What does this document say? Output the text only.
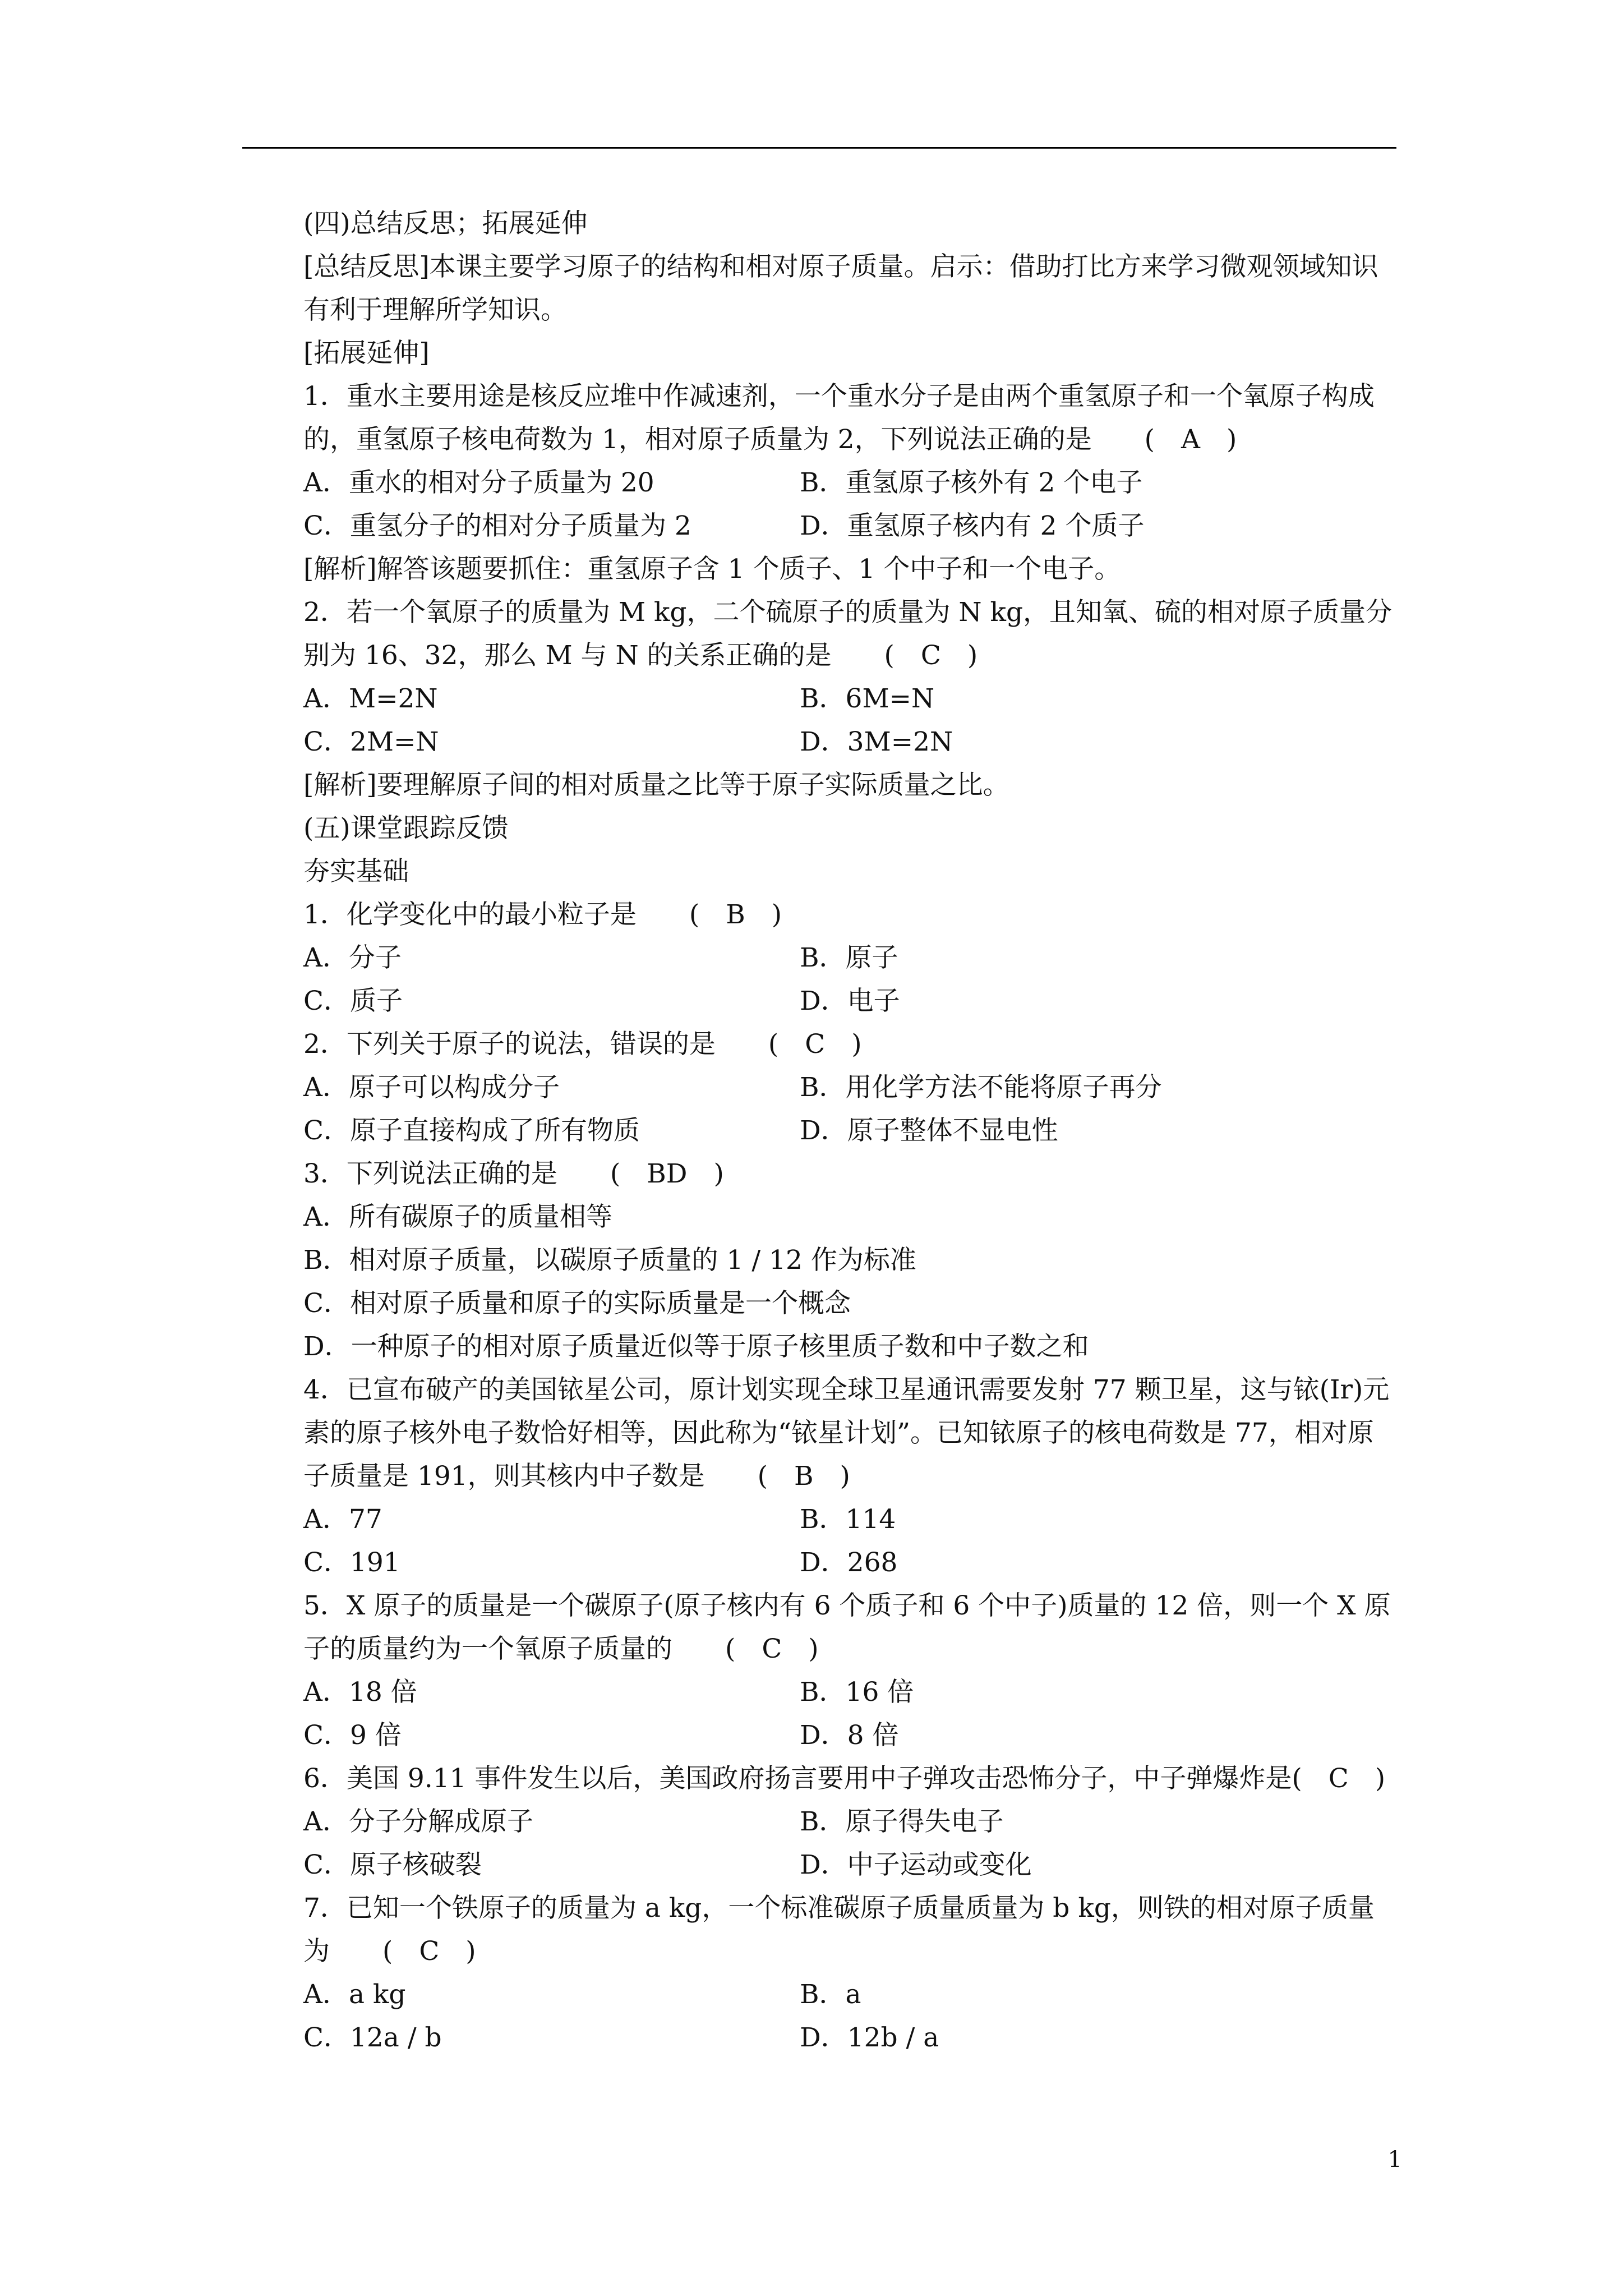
(四)总结反思；拓展延伸
[总结反思]本课主要学习原子的结构和相对原子质量。启示：借助打比方来学习微观领域知识有利于理解所学知识。
[拓展延伸]
1．重水主要用途是核反应堆中作减速剂，一个重水分子是由两个重氢原子和一个氧原子构成的，重氢原子核电荷数为 1，相对原子质量为 2，下列说法正确的是　　(　A　)
A．重水的相对分子质量为 20	B．重氢原子核外有 2 个电子
C．重氢分子的相对分子质量为 2	D．重氢原子核内有 2 个质子
[解析]解答该题要抓住：重氢原子含 1 个质子、1 个中子和一个电子。
2．若一个氧原子的质量为 M kg，二个硫原子的质量为 N kg，且知氧、硫的相对原子质量分别为 16、32，那么 M 与 N 的关系正确的是　　(　C　)
A．M=2N	B．6M=N
C．2M=N	D．3M=2N
[解析]要理解原子间的相对质量之比等于原子实际质量之比。
(五)课堂跟踪反馈
夯实基础
1．化学变化中的最小粒子是　　(　B　)
A．分子	B．原子
C．质子	D．电子
2．下列关于原子的说法，错误的是　　(　C　)
A．原子可以构成分子	B．用化学方法不能将原子再分
C．原子直接构成了所有物质	D．原子整体不显电性
3．下列说法正确的是　　(　BD　)
A．所有碳原子的质量相等
B．相对原子质量，以碳原子质量的 1 / 12 作为标准
C．相对原子质量和原子的实际质量是一个概念
D．一种原子的相对原子质量近似等于原子核里质子数和中子数之和
4．已宣布破产的美国铱星公司，原计划实现全球卫星通讯需要发射 77 颗卫星，这与铱(Ir)元素的原子核外电子数恰好相等，因此称为“铱星计划”。已知铱原子的核电荷数是 77，相对原子质量是 191，则其核内中子数是　　(　B　)
A．77	B．114
C．191	D．268
5．X 原子的质量是一个碳原子(原子核内有 6 个质子和 6 个中子)质量的 12 倍，则一个 X 原子的质量约为一个氧原子质量的　　(　C　)
A．18 倍	B．16 倍
C．9 倍	D．8 倍
6．美国 9.11 事件发生以后，美国政府扬言要用中子弹攻击恐怖分子，中子弹爆炸是(　C　)
A．分子分解成原子	B．原子得失电子
C．原子核破裂	D．中子运动或变化
7．已知一个铁原子的质量为 a kg，一个标准碳原子质量质量为 b kg，则铁的相对原子质量为　　(　C　)
A．a kg	B．a
C．12a / b	D．12b / a
1
